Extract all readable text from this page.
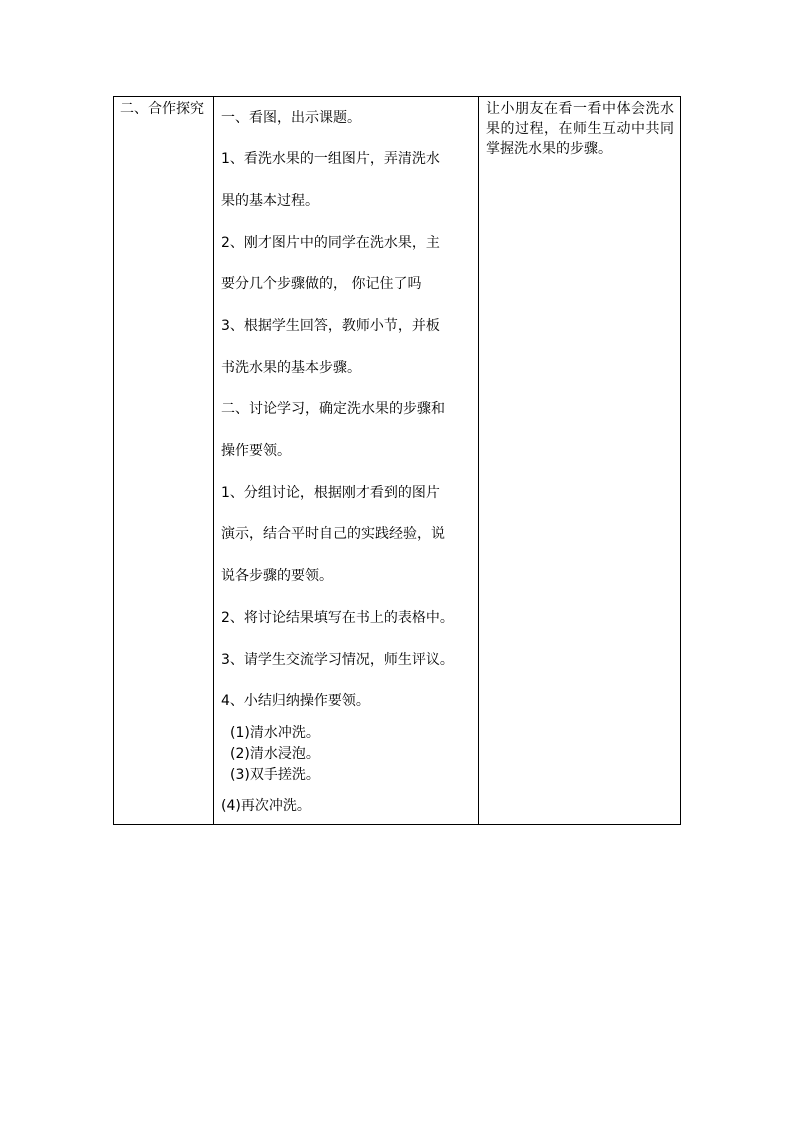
二、合作探究

一、看图，出示课题。
1、看洗水果的一组图片，弄清洗水
果的基本过程。
2、刚才图片中的同学在洗水果，主
要分几个步骤做的， 你记住了吗
3、根据学生回答，教师小节，并板
书洗水果的基本步骤。
二、讨论学习，确定洗水果的步骤和
操作要领。
1、分组讨论，根据刚才看到的图片
演示，结合平时自己的实践经验，说
说各步骤的要领。
2、将讨论结果填写在书上的表格中。
3、请学生交流学习情况，师生评议。
4、小结归纳操作要领。
(1)清水冲洗。
(2)清水浸泡。
(3)双手搓洗。
(4)再次冲洗。

让小朋友在看一看中体会洗水果的过程，在师生互动中共同掌握洗水果的步骤。
